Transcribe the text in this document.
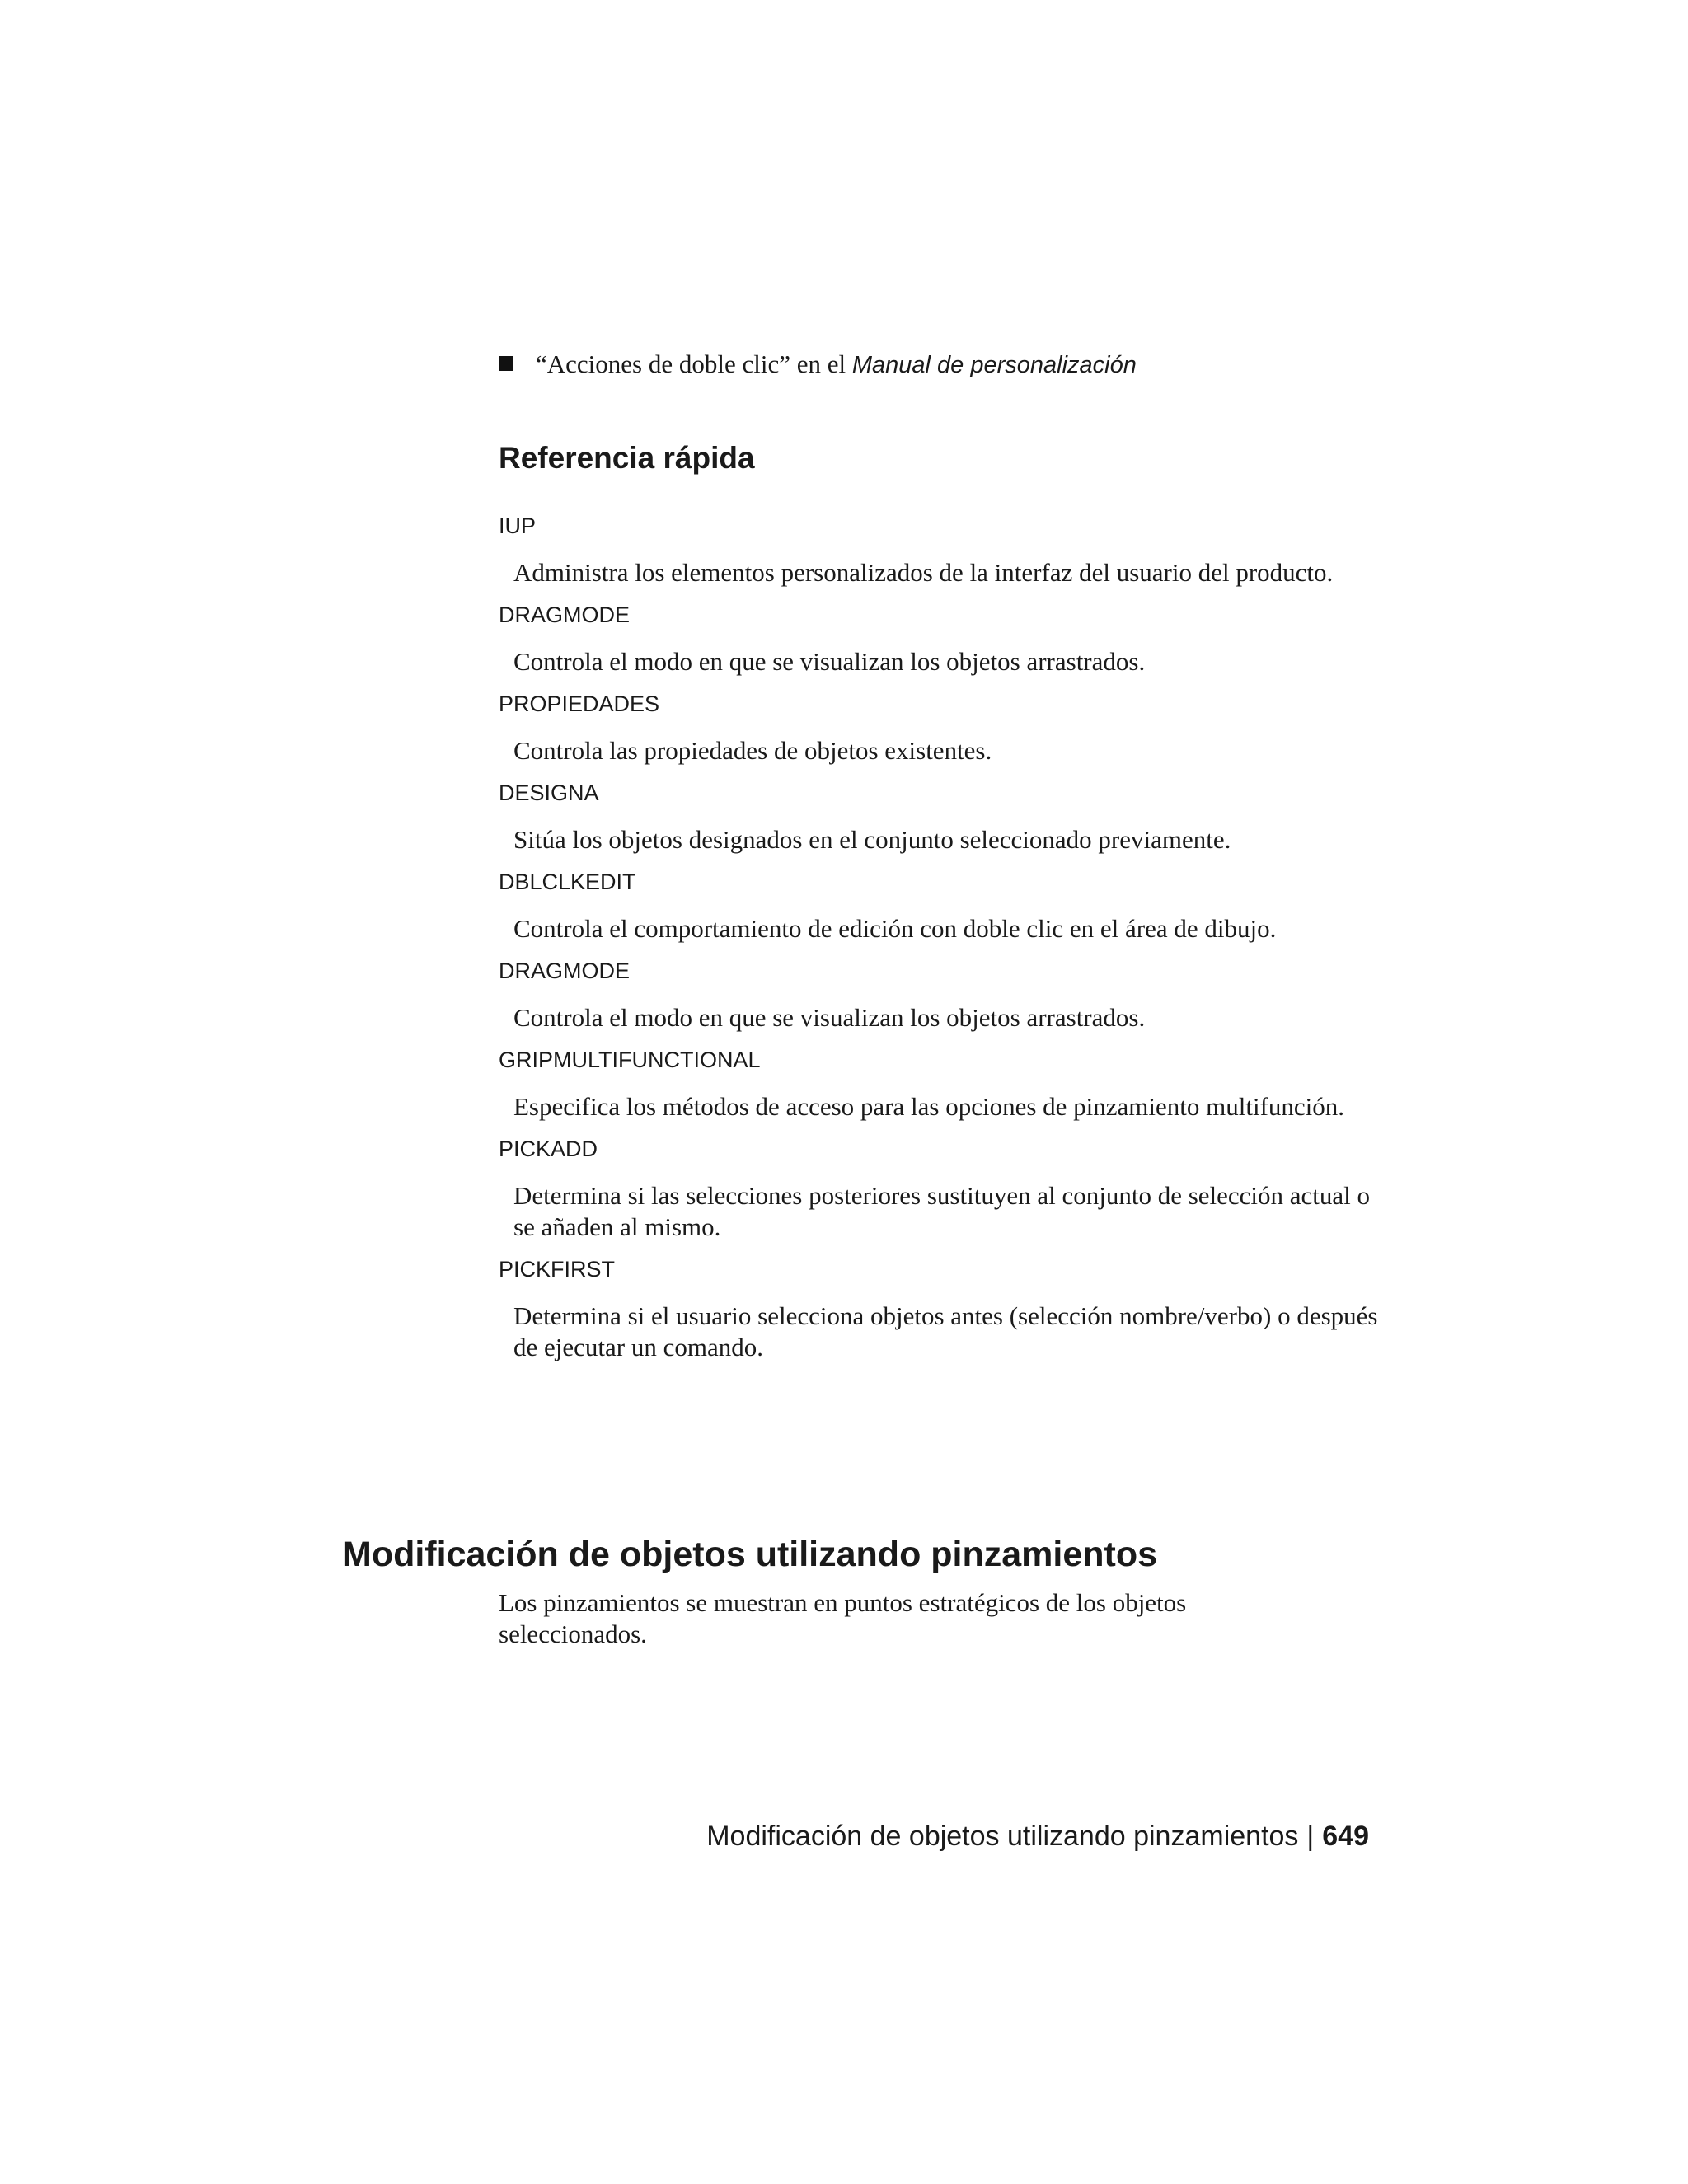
“Acciones de doble clic” en el Manual de personalización
Referencia rápida

IUP

Administra los elementos personalizados de la interfaz del usuario del producto.

DRAGMODE

Controla el modo en que se visualizan los objetos arrastrados.

PROPIEDADES

Controla las propiedades de objetos existentes.

DESIGNA

Sitúa los objetos designados en el conjunto seleccionado previamente.

DBLCLKEDIT

Controla el comportamiento de edición con doble clic en el área de dibujo.

DRAGMODE

Controla el modo en que se visualizan los objetos arrastrados.

GRIPMULTIFUNCTIONAL

Especifica los métodos de acceso para las opciones de pinzamiento multifunción.

PICKADD

Determina si las selecciones posteriores sustituyen al conjunto de selección actual o se añaden al mismo.

PICKFIRST

Determina si el usuario selecciona objetos antes (selección nombre/verbo) o después de ejecutar un comando.

Modificación de objetos utilizando pinzamientos

Los pinzamientos se muestran en puntos estratégicos de los objetos seleccionados.

Modificación de objetos utilizando pinzamientos | 649
